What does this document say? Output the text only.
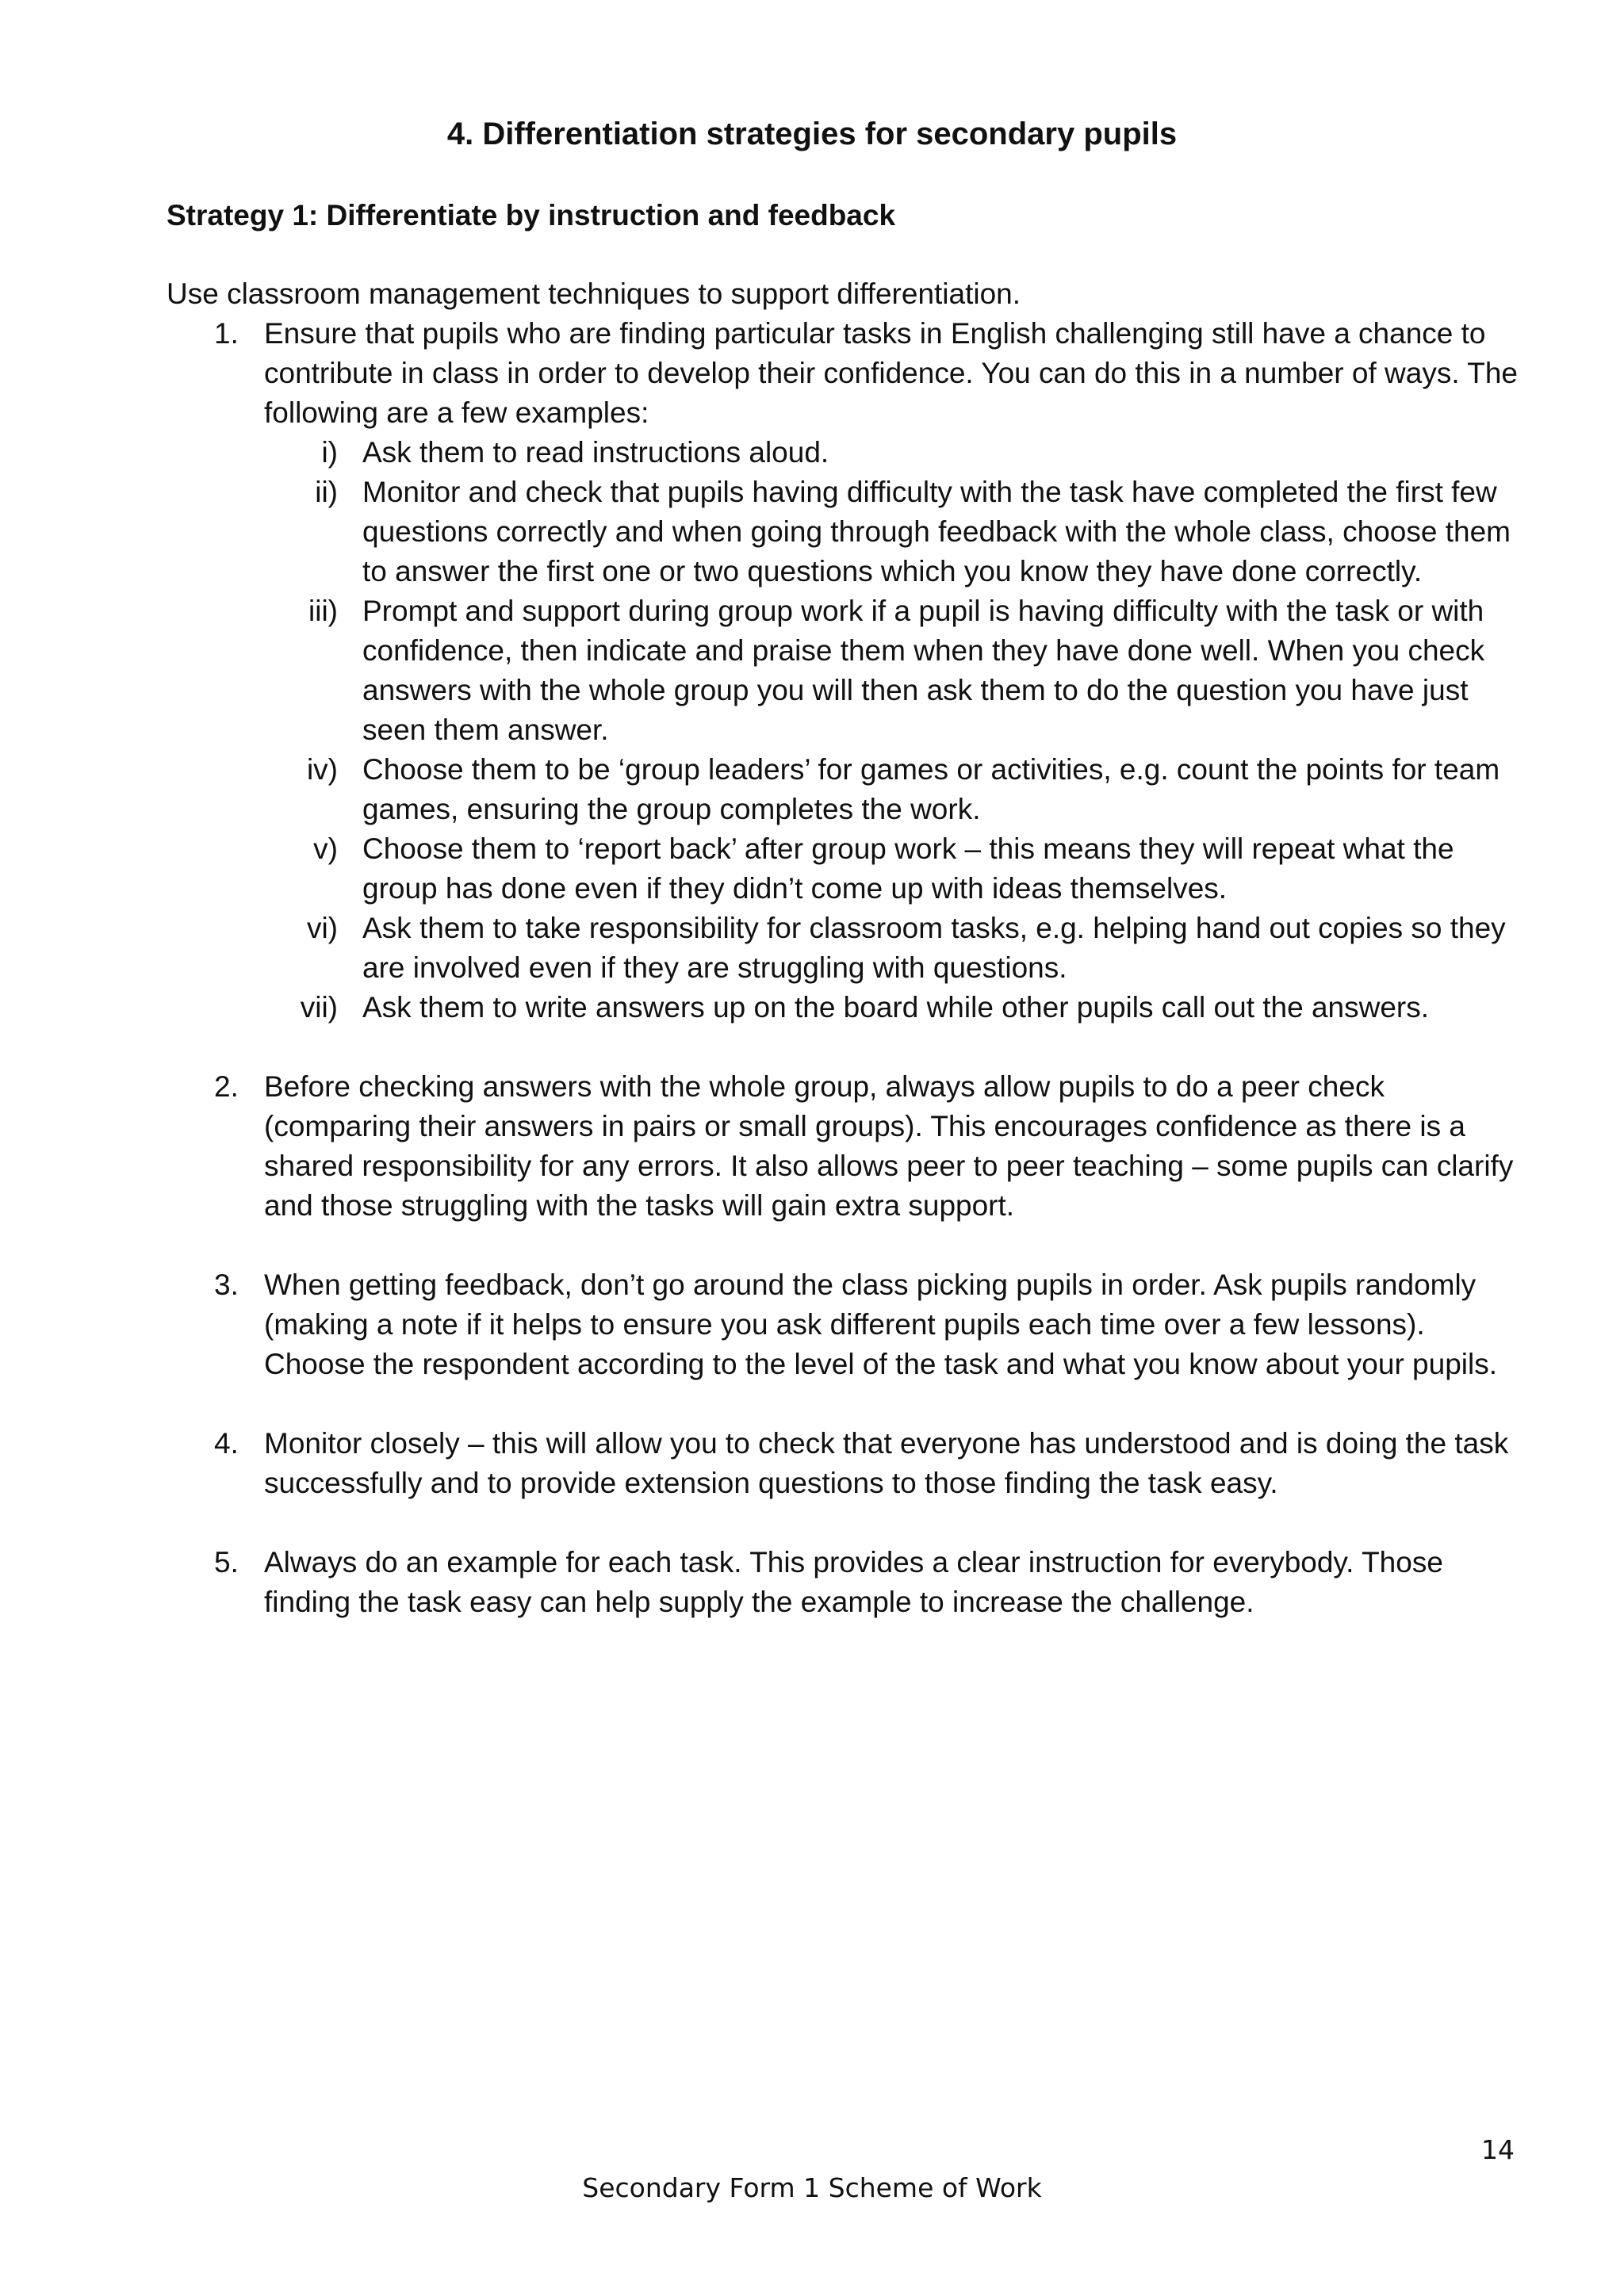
4. Differentiation strategies for secondary pupils
Strategy 1: Differentiate by instruction and feedback

Use classroom management techniques to support differentiation.

1. Ensure that pupils who are finding particular tasks in English challenging still have a chance to contribute in class in order to develop their confidence. You can do this in a number of ways. The following are a few examples:
i) Ask them to read instructions aloud.
ii) Monitor and check that pupils having difficulty with the task have completed the first few questions correctly and when going through feedback with the whole class, choose them to answer the first one or two questions which you know they have done correctly.
iii) Prompt and support during group work if a pupil is having difficulty with the task or with confidence, then indicate and praise them when they have done well. When you check answers with the whole group you will then ask them to do the question you have just seen them answer.
iv) Choose them to be ‘group leaders’ for games or activities, e.g. count the points for team games, ensuring the group completes the work.
v) Choose them to ‘report back’ after group work – this means they will repeat what the group has done even if they didn’t come up with ideas themselves.
vi) Ask them to take responsibility for classroom tasks, e.g. helping hand out copies so they are involved even if they are struggling with questions.
vii) Ask them to write answers up on the board while other pupils call out the answers.
2. Before checking answers with the whole group, always allow pupils to do a peer check (comparing their answers in pairs or small groups). This encourages confidence as there is a shared responsibility for any errors. It also allows peer to peer teaching – some pupils can clarify and those struggling with the tasks will gain extra support.
3. When getting feedback, don’t go around the class picking pupils in order. Ask pupils randomly (making a note if it helps to ensure you ask different pupils each time over a few lessons). Choose the respondent according to the level of the task and what you know about your pupils.
4. Monitor closely – this will allow you to check that everyone has understood and is doing the task successfully and to provide extension questions to those finding the task easy.
5. Always do an example for each task. This provides a clear instruction for everybody. Those finding the task easy can help supply the example to increase the challenge.
14
Secondary Form 1 Scheme of Work
